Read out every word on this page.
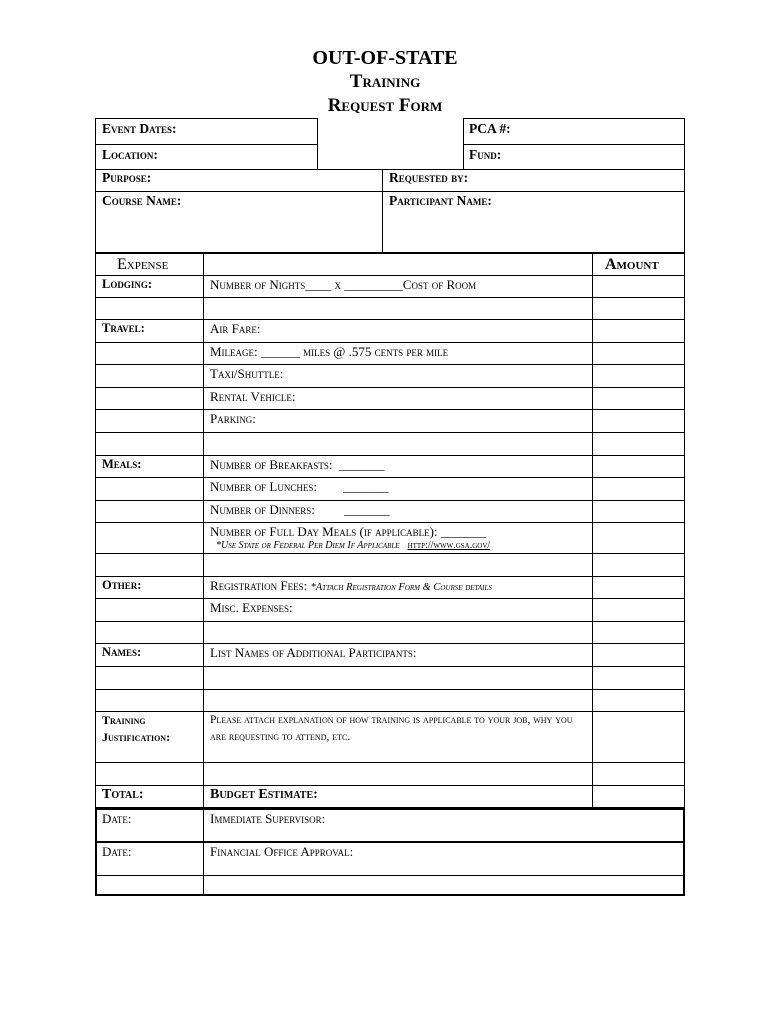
OUT-OF-STATE
Training
Request Form
Event Dates:
Location:
PCA #:
Fund:
Purpose:	Requested by:
Course Name:	Participant Name:
Expense	Amount
Lodging:	Number of Nights____ x _________Cost of Room
Travel:	Air Fare:
Mileage: ______ miles @ .575 cents per mile
Taxi/Shuttle:
Rental Vehicle:
Parking:
Meals:	Number of Breakfasts:  _______
Number of Lunches:        _______
Number of Dinners:         _______
Number of Full Day Meals (if applicable): _______
*Use State or Federal Per Diem If Applicable http://www.gsa.gov/
Other:	Registration Fees: *Attach Registration Form & Course details
Misc. Expenses:
Names:	List Names of Additional Participants:
Training
Justification:
Please attach explanation of how training is applicable to your job, why you are requesting to attend, etc.
Total:	Budget Estimate:
Date:	Immediate Supervisor:
Date:	Financial Office Approval:
